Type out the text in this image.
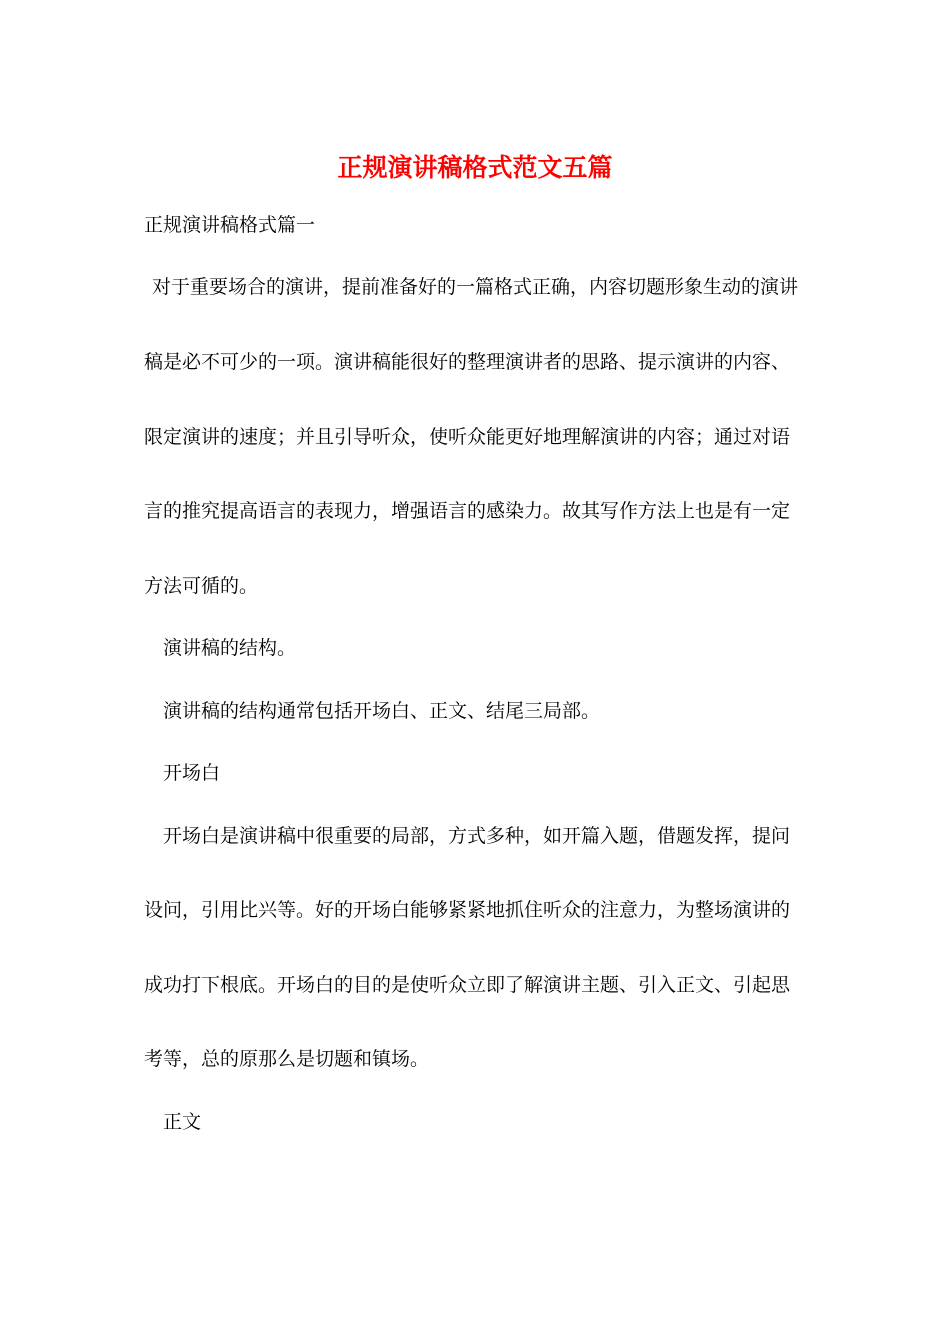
正规演讲稿格式范文五篇

正规演讲稿格式篇一

对于重要场合的演讲，提前准备好的一篇格式正确，内容切题形象生动的演讲

稿是必不可少的一项。演讲稿能很好的整理演讲者的思路、提示演讲的内容、

限定演讲的速度；并且引导听众，使听众能更好地理解演讲的内容；通过对语

言的推究提高语言的表现力，增强语言的感染力。故其写作方法上也是有一定

方法可循的。

演讲稿的结构。

演讲稿的结构通常包括开场白、正文、结尾三局部。

开场白

开场白是演讲稿中很重要的局部，方式多种，如开篇入题，借题发挥，提问

设问，引用比兴等。好的开场白能够紧紧地抓住听众的注意力，为整场演讲的

成功打下根底。开场白的目的是使听众立即了解演讲主题、引入正文、引起思

考等，总的原那么是切题和镇场。

正文
